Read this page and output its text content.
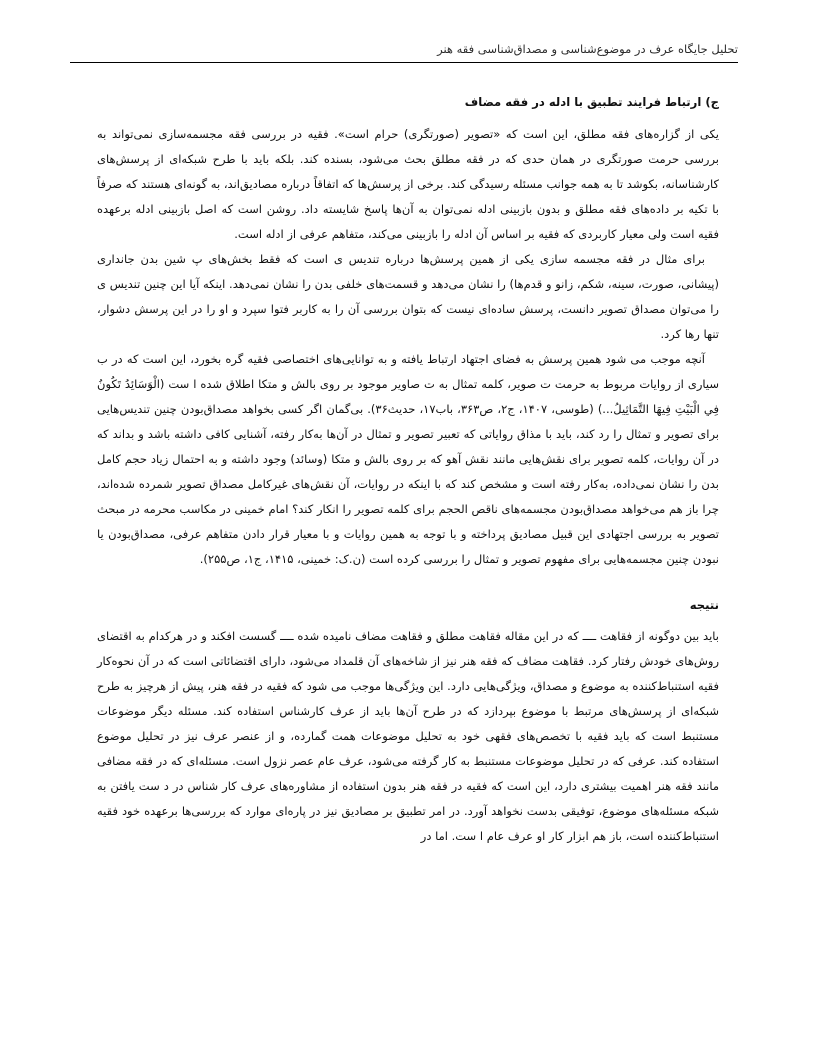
تحلیل جایگاه عرف در موضوع‌شناسی و مصداق‌شناسی فقه هنر
ج) ارتباط فرایند تطبیق با ادله در فقه مضاف

یکی از گزاره‌های فقه مطلق، این است که «تصویر (صورتگری) حرام است». فقیه در بررسی فقه مجسمه‌سازی نمی‌تواند به بررسی حرمت صورتگری در همان حدی که در فقه مطلق بحث می‌شود، بسنده کند. بلکه باید با طرح شبکه‌ای از پرسش‌های کارشناسانه، بکوشد تا به همه جوانب مسئله رسیدگی کند. برخی از پرسش‌ها که اتفاقاً درباره مصادیق‌اند، به گونه‌ای هستند که صرفاً با تکیه بر داده‌های فقه مطلق و بدون بازبینی ادله نمی‌توان به آن‌ها پاسخ شایسته داد. روشن است که اصل بازبینی ادله برعهده فقیه است ولی معیار کاربردی که فقیه بر اساس آن ادله را بازبینی می‌کند، متفاهم عرفی از ادله است.

برای مثال در فقه مجسمه سازی یکی از همین پرسش‌ها درباره تندیس ی است که فقط بخش‌های پ شین بدن جانداری (پیشانی، صورت، سینه، شکم، زانو و قدم‌ها) را نشان می‌دهد و قسمت‌های خلفی بدن را نشان نمی‌دهد. اینکه آیا این چنین تندیس ی را می‌توان مصداق تصویر دانست، پرسش ساده‌ای نیست که بتوان بررسی آن را به کاربر فتوا سپرد و او را در این پرسش دشوار، تنها رها کرد.

آنچه موجب می شود همین پرسش به فضای اجتهاد ارتباط یافته و به توانایی‌های اختصاصی فقیه گره بخورد، این است که در ب سیاری از روایات مربوط به حرمت ت صویر، کلمه تمثال به ت صاویر موجود بر روی بالش و متکا اطلاق شده ا ست (الْوَسَائِدُ تَكُونُ فِي الْبَيْتِ فِيهَا التَّمَاثِيلُ...) (طوسی، ۱۴۰۷، ج۲، ص۳۶۳، باب۱۷، حدیث۳۶). بی‌گمان اگر کسی بخواهد مصداق‌بودن چنین تندیس‌هایی برای تصویر و تمثال را رد کند، باید با مذاق روایاتی که تعبیر تصویر و تمثال در آن‌ها به‌کار رفته، آشنایی کافی داشته باشد و بداند که در آن روایات، کلمه تصویر برای نقش‌هایی مانند نقش آهو که بر روی بالش و متکا (وسائد) وجود داشته و به احتمال زیاد حجم کامل بدن را نشان نمی‌داده، به‌کار رفته است و مشخص کند که با اینکه در روایات، آن نقش‌های غیرکامل مصداق تصویر شمرده شده‌اند، چرا باز هم می‌خواهد مصداق‌بودن مجسمه‌های ناقص الحجم برای کلمه تصویر را انکار کند؟ امام خمینی در مکاسب محرمه در مبحث تصویر به بررسی اجتهادی این قبیل مصادیق پرداخته و با توجه به همین روایات و با معیار قرار دادن متفاهم عرفی، مصداق‌بودن یا نبودن چنین مجسمه‌هایی برای مفهوم تصویر و تمثال را بررسی کرده است (ن.ک: خمینی، ۱۴۱۵، ج۱، ص۲۵۵).

نتیجه

باید بین دوگونه از فقاهت ــــ که در این مقاله فقاهت مطلق و فقاهت مضاف نامیده شده ــــ گسست افکند و در هرکدام به اقتضای روش‌های خودش رفتار کرد. فقاهت مضاف که فقه هنر نیز از شاخه‌های آن قلمداد می‌شود، دارای اقتضائاتی است که در آن نحوه‌کار فقیه استنباط‌کننده به موضوع و مصداق، ویژگی‌هایی دارد. این ویژگی‌ها موجب می شود که فقیه در فقه هنر، پیش از هرچیز به طرح شبکه‌ای از پرسش‌های مرتبط با موضوع بپردازد که در طرح آن‌ها باید از عرف کارشناس استفاده کند. مسئله دیگر موضوعات مستنبط است که باید فقیه با تخصص‌های فقهی خود به تحلیل موضوعات همت گمارده، و از عنصر عرف نیز در تحلیل موضوع استفاده کند. عرفی که در تحلیل موضوعات مستنبط به کار گرفته می‌شود، عرف عام عصر نزول است. مسئله‌ای که در فقه مضافی مانند فقه هنر اهمیت بیشتری دارد، این است که فقیه در فقه هنر بدون استفاده از مشاوره‌های عرف کار شناس در د ست یافتن به شبکه مسئله‌های موضوع، توفیقی بدست نخواهد آورد. در امر تطبیق بر مصادیق نیز در پاره‌ای موارد که بررسی‌ها برعهده خود فقیه استنباط‌کننده است، باز هم ابزار کار او عرف عام ا ست. اما در
